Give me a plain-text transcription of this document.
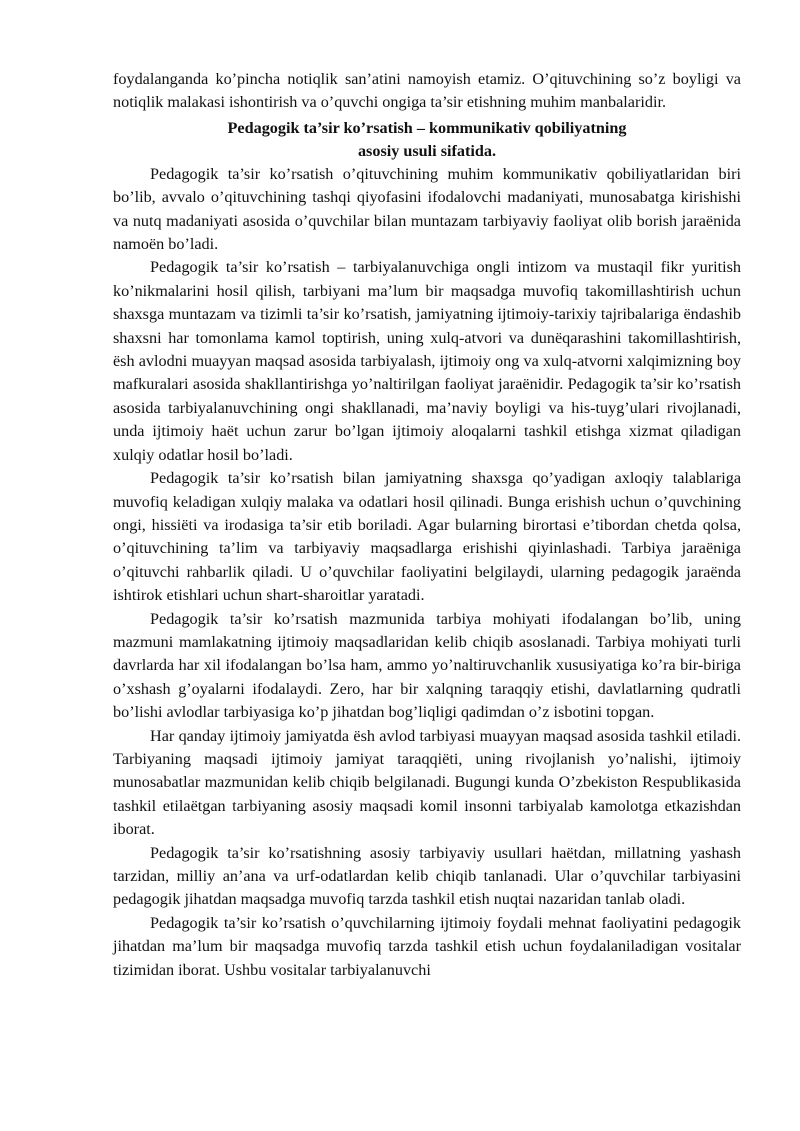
foydalanganda ko’pincha notiqlik san’atini namoyish etamiz. O’qituvchining so’z boyligi va notiqlik malakasi ishontirish va o’quvchi ongiga ta’sir etishning muhim manbalaridir.

Pedagogik ta’sir ko’rsatish – kommunikativ qobiliyatning
asosiy usuli sifatida.

Pedagogik ta’sir ko’rsatish o’qituvchining muhim kommunikativ qobiliyatlaridan biri bo’lib, avvalo o’qituvchining tashqi qiyofasini ifodalovchi madaniyati, munosabatga kirishishi va nutq madaniyati asosida o’quvchilar bilan muntazam tarbiyaviy faoliyat olib borish jaraёnida namoёn bo’ladi.

Pedagogik ta’sir ko’rsatish – tarbiyalanuvchiga ongli intizom va mustaqil fikr yuritish ko’nikmalarini hosil qilish, tarbiyani ma’lum bir maqsadga muvofiq takomillashtirish uchun shaxsga muntazam va tizimli ta’sir ko’rsatish, jamiyatning ijtimoiy-tarixiy tajribalariga ёndashib shaxsni har tomonlama kamol toptirish, uning xulq-atvori va dunёqarashini takomillashtirish, ёsh avlodni muayyan maqsad asosida tarbiyalash, ijtimoiy ong va xulq-atvorni xalqimizning boy mafkuralari asosida shakllantirishga yo’naltirilgan faoliyat jaraёnidir. Pedagogik ta’sir ko’rsatish asosida tarbiyalanuvchining ongi shakllanadi, ma’naviy boyligi va his-tuyg’ulari rivojlanadi, unda ijtimoiy haёt uchun zarur bo’lgan ijtimoiy aloqalarni tashkil etishga xizmat qiladigan xulqiy odatlar hosil bo’ladi.

Pedagogik ta’sir ko’rsatish bilan jamiyatning shaxsga qo’yadigan axloqiy talablariga muvofiq keladigan xulqiy malaka va odatlari hosil qilinadi. Bunga erishish uchun o’quvchining ongi, hissiёti va irodasiga ta’sir etib boriladi. Agar bularning birortasi e’tibordan chetda qolsa, o’qituvchining ta’lim va tarbiyaviy maqsadlarga erishishi qiyinlashadi. Tarbiya jaraёniga o’qituvchi rahbarlik qiladi. U o’quvchilar faoliyatini belgilaydi, ularning pedagogik jaraёnda ishtirok etishlari uchun shart-sharoitlar yaratadi.

Pedagogik ta’sir ko’rsatish mazmunida tarbiya mohiyati ifodalangan bo’lib, uning mazmuni mamlakatning ijtimoiy maqsadlaridan kelib chiqib asoslanadi. Tarbiya mohiyati turli davrlarda har xil ifodalangan bo’lsa ham, ammo yo’naltiruvchanlik xususiyatiga ko’ra bir-biriga o’xshash g’oyalarni ifodalaydi. Zero, har bir xalqning taraqqiy etishi, davlatlarning qudratli bo’lishi avlodlar tarbiyasiga ko’p jihatdan bog’liqligi qadimdan o’z isbotini topgan.

Har qanday ijtimoiy jamiyatda ёsh avlod tarbiyasi muayyan maqsad asosida tashkil etiladi. Tarbiyaning maqsadi ijtimoiy jamiyat taraqqiёti, uning rivojlanish yo’nalishi, ijtimoiy munosabatlar mazmunidan kelib chiqib belgilanadi. Bugungi kunda O’zbekiston Respublikasida tashkil etilaёtgan tarbiyaning asosiy maqsadi komil insonni tarbiyalab kamolotga etkazishdan iborat.

Pedagogik ta’sir ko’rsatishning asosiy tarbiyaviy usullari haёtdan, millatning yashash tarzidan, milliy an’ana va urf-odatlardan kelib chiqib tanlanadi. Ular o’quvchilar tarbiyasini pedagogik jihatdan maqsadga muvofiq tarzda tashkil etish nuqtai nazaridan tanlab oladi.

Pedagogik ta’sir ko’rsatish o’quvchilarning ijtimoiy foydali mehnat faoliyatini pedagogik jihatdan ma’lum bir maqsadga muvofiq tarzda tashkil etish uchun foydalaniladigan vositalar tizimidan iborat. Ushbu vositalar tarbiyalanuvchi
